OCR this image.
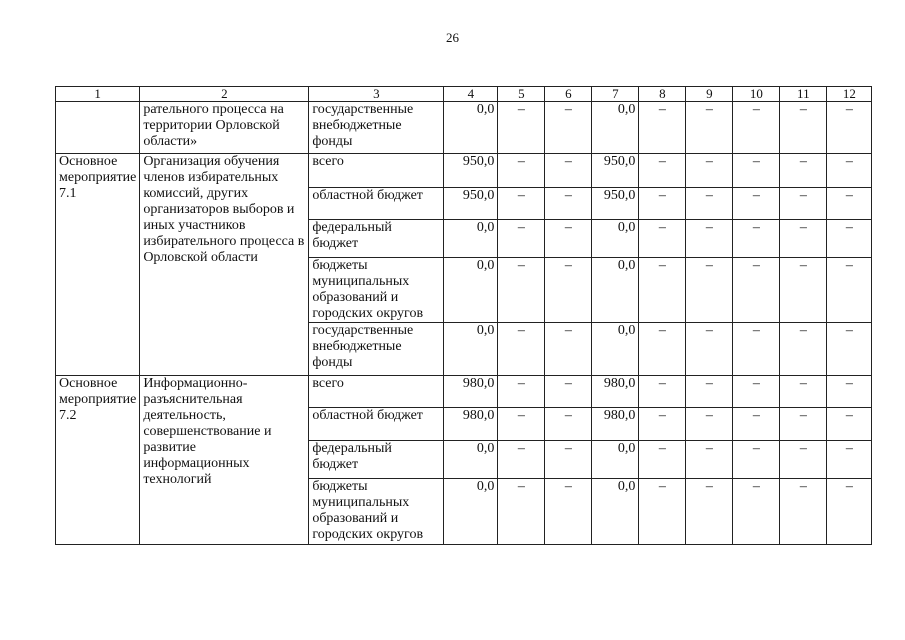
26
1	2	3	4	5	6	7	8	9	10	11	12
	рательного процесса на территории Орловской области»	государственные внебюджетные фонды	0,0	–	–	0,0	–	–	–	–	–
Основное мероприятие 7.1	Организация обучения членов избирательных комиссий, других организаторов выборов и иных участников избирательного процесса в Орловской области	всего	950,0	–	–	950,0	–	–	–	–	–
		областной бюджет	950,0	–	–	950,0	–	–	–	–	–
		федеральный бюджет	0,0	–	–	0,0	–	–	–	–	–
		бюджеты муниципальных образований и городских округов	0,0	–	–	0,0	–	–	–	–	–
		государственные внебюджетные фонды	0,0	–	–	0,0	–	–	–	–	–
Основное мероприятие 7.2	Информационно-разъяснительная деятельность, совершенствование и развитие информационных технологий	всего	980,0	–	–	980,0	–	–	–	–	–
		областной бюджет	980,0	–	–	980,0	–	–	–	–	–
		федеральный бюджет	0,0	–	–	0,0	–	–	–	–	–
		бюджеты муниципальных образований и городских округов	0,0	–	–	0,0	–	–	–	–	–
